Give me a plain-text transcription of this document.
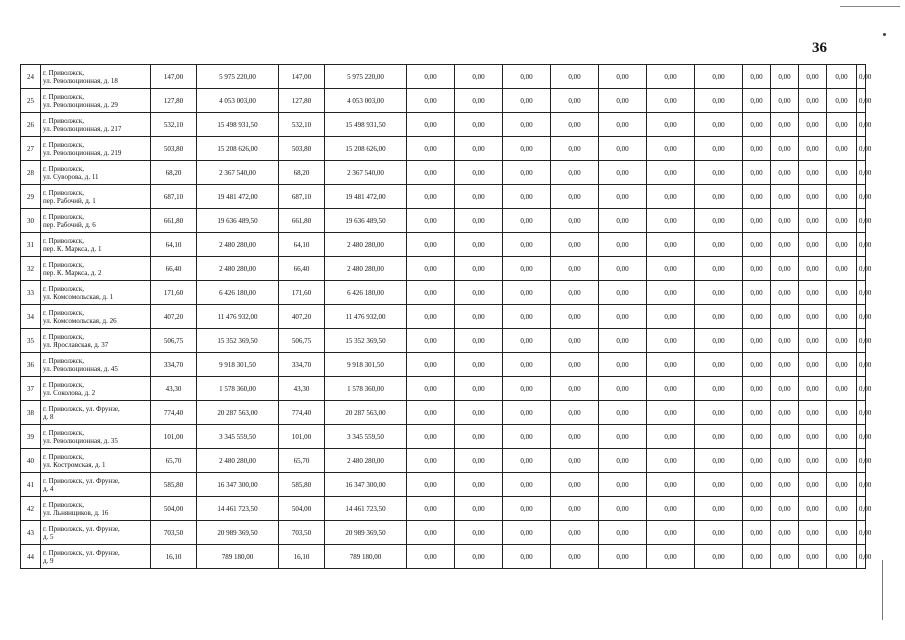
36
24	г. Приволжск,
ул. Революционная, д. 18	147,00	5 975 220,00	147,00	5 975 220,00	0,00	0,00	0,00	0,00	0,00	0,00	0,00	0,00	0,00	0,00	0,00	0,00
25	г. Приволжск,
ул. Революционная, д. 29	127,80	4 053 003,00	127,80	4 053 003,00	0,00	0,00	0,00	0,00	0,00	0,00	0,00	0,00	0,00	0,00	0,00	0,00
26	г. Приволжск,
ул. Революционная, д. 217	532,10	15 498 931,50	532,10	15 498 931,50	0,00	0,00	0,00	0,00	0,00	0,00	0,00	0,00	0,00	0,00	0,00	0,00
27	г. Приволжск,
ул. Революционная, д. 219	503,80	15 208 626,00	503,80	15 208 626,00	0,00	0,00	0,00	0,00	0,00	0,00	0,00	0,00	0,00	0,00	0,00	0,00
28	г. Приволжск,
ул. Суворова, д. 11	68,20	2 367 540,00	68,20	2 367 540,00	0,00	0,00	0,00	0,00	0,00	0,00	0,00	0,00	0,00	0,00	0,00	0,00
29	г. Приволжск,
пер. Рабочий, д. 1	687,10	19 481 472,00	687,10	19 481 472,00	0,00	0,00	0,00	0,00	0,00	0,00	0,00	0,00	0,00	0,00	0,00	0,00
30	г. Приволжск,
пер. Рабочий, д. 6	661,80	19 636 489,50	661,80	19 636 489,50	0,00	0,00	0,00	0,00	0,00	0,00	0,00	0,00	0,00	0,00	0,00	0,00
31	г. Приволжск,
пер. К. Маркса, д. 1	64,10	2 480 280,00	64,10	2 480 280,00	0,00	0,00	0,00	0,00	0,00	0,00	0,00	0,00	0,00	0,00	0,00	0,00
32	г. Приволжск,
пер. К. Маркса, д. 2	66,40	2 480 280,00	66,40	2 480 280,00	0,00	0,00	0,00	0,00	0,00	0,00	0,00	0,00	0,00	0,00	0,00	0,00
33	г. Приволжск,
ул. Комсомольская, д. 1	171,60	6 426 180,00	171,60	6 426 180,00	0,00	0,00	0,00	0,00	0,00	0,00	0,00	0,00	0,00	0,00	0,00	0,00
34	г. Приволжск,
ул. Комсомольская, д. 26	407,20	11 476 932,00	407,20	11 476 932,00	0,00	0,00	0,00	0,00	0,00	0,00	0,00	0,00	0,00	0,00	0,00	0,00
35	г. Приволжск,
ул. Ярославская, д. 37	506,75	15 352 369,50	506,75	15 352 369,50	0,00	0,00	0,00	0,00	0,00	0,00	0,00	0,00	0,00	0,00	0,00	0,00
36	г. Приволжск,
ул. Революционная, д. 45	334,70	9 918 301,50	334,70	9 918 301,50	0,00	0,00	0,00	0,00	0,00	0,00	0,00	0,00	0,00	0,00	0,00	0,00
37	г. Приволжск,
ул. Соколова, д. 2	43,30	1 578 360,00	43,30	1 578 360,00	0,00	0,00	0,00	0,00	0,00	0,00	0,00	0,00	0,00	0,00	0,00	0,00
38	г. Приволжск, ул. Фрунзе,
д. 8	774,40	20 287 563,00	774,40	20 287 563,00	0,00	0,00	0,00	0,00	0,00	0,00	0,00	0,00	0,00	0,00	0,00	0,00
39	г. Приволжск,
ул. Революционная, д. 35	101,00	3 345 559,50	101,00	3 345 559,50	0,00	0,00	0,00	0,00	0,00	0,00	0,00	0,00	0,00	0,00	0,00	0,00
40	г. Приволжск,
ул. Костромская, д. 1	65,70	2 480 280,00	65,70	2 480 280,00	0,00	0,00	0,00	0,00	0,00	0,00	0,00	0,00	0,00	0,00	0,00	0,00
41	г. Приволжск, ул. Фрунзе,
д. 4	585,80	16 347 300,00	585,80	16 347 300,00	0,00	0,00	0,00	0,00	0,00	0,00	0,00	0,00	0,00	0,00	0,00	0,00
42	г. Приволжск,
ул. Льнянщиков, д. 16	504,00	14 461 723,50	504,00	14 461 723,50	0,00	0,00	0,00	0,00	0,00	0,00	0,00	0,00	0,00	0,00	0,00	0,00
43	г. Приволжск, ул. Фрунзе,
д. 5	703,50	20 989 369,50	703,50	20 989 369,50	0,00	0,00	0,00	0,00	0,00	0,00	0,00	0,00	0,00	0,00	0,00	0,00
44	г. Приволжск, ул. Фрунзе,
д. 9	16,10	789 180,00	16,10	789 180,00	0,00	0,00	0,00	0,00	0,00	0,00	0,00	0,00	0,00	0,00	0,00	0,00
